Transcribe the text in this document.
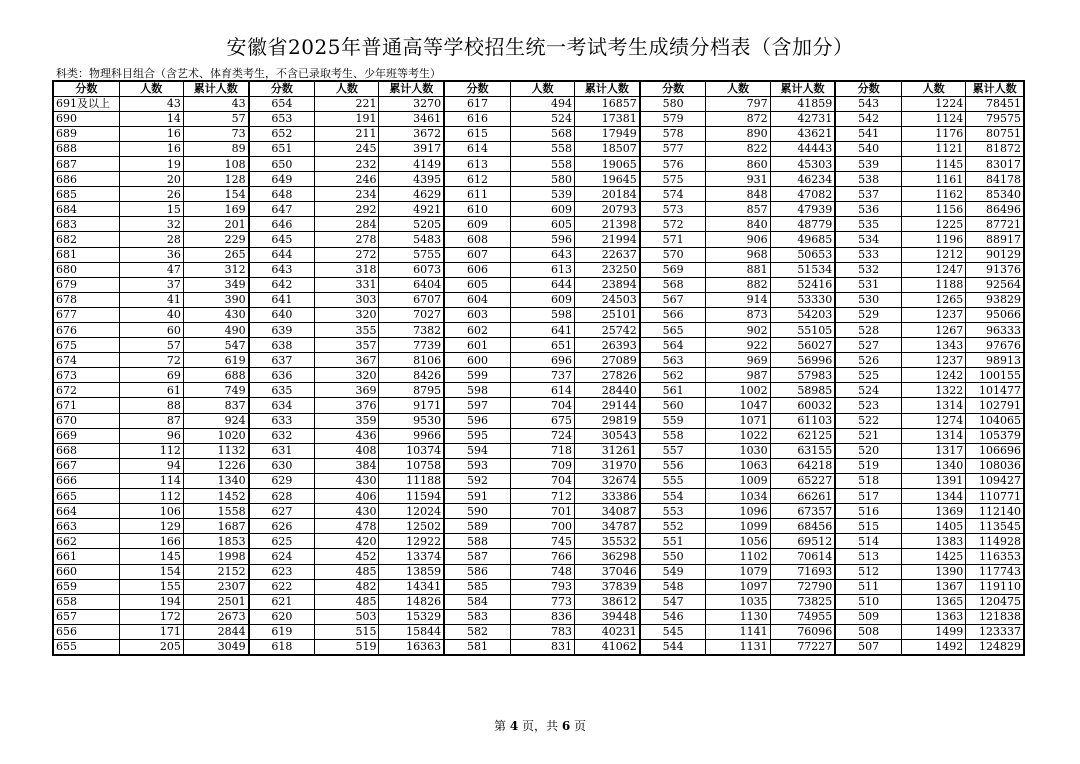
安徽省2025年普通高等学校招生统一考试考生成绩分档表（含加分）
科类：物理科目组合（含艺术、体育类考生，不含已录取考生、少年班等考生）
分数	人数	累计人数	分数	人数	累计人数	分数	人数	累计人数	分数	人数	累计人数	分数	人数	累计人数
691及以上	43	43	654	221	3270	617	494	16857	580	797	41859	543	1224	78451
690	14	57	653	191	3461	616	524	17381	579	872	42731	542	1124	79575
689	16	73	652	211	3672	615	568	17949	578	890	43621	541	1176	80751
688	16	89	651	245	3917	614	558	18507	577	822	44443	540	1121	81872
687	19	108	650	232	4149	613	558	19065	576	860	45303	539	1145	83017
686	20	128	649	246	4395	612	580	19645	575	931	46234	538	1161	84178
685	26	154	648	234	4629	611	539	20184	574	848	47082	537	1162	85340
684	15	169	647	292	4921	610	609	20793	573	857	47939	536	1156	86496
683	32	201	646	284	5205	609	605	21398	572	840	48779	535	1225	87721
682	28	229	645	278	5483	608	596	21994	571	906	49685	534	1196	88917
681	36	265	644	272	5755	607	643	22637	570	968	50653	533	1212	90129
680	47	312	643	318	6073	606	613	23250	569	881	51534	532	1247	91376
679	37	349	642	331	6404	605	644	23894	568	882	52416	531	1188	92564
678	41	390	641	303	6707	604	609	24503	567	914	53330	530	1265	93829
677	40	430	640	320	7027	603	598	25101	566	873	54203	529	1237	95066
676	60	490	639	355	7382	602	641	25742	565	902	55105	528	1267	96333
675	57	547	638	357	7739	601	651	26393	564	922	56027	527	1343	97676
674	72	619	637	367	8106	600	696	27089	563	969	56996	526	1237	98913
673	69	688	636	320	8426	599	737	27826	562	987	57983	525	1242	100155
672	61	749	635	369	8795	598	614	28440	561	1002	58985	524	1322	101477
671	88	837	634	376	9171	597	704	29144	560	1047	60032	523	1314	102791
670	87	924	633	359	9530	596	675	29819	559	1071	61103	522	1274	104065
669	96	1020	632	436	9966	595	724	30543	558	1022	62125	521	1314	105379
668	112	1132	631	408	10374	594	718	31261	557	1030	63155	520	1317	106696
667	94	1226	630	384	10758	593	709	31970	556	1063	64218	519	1340	108036
666	114	1340	629	430	11188	592	704	32674	555	1009	65227	518	1391	109427
665	112	1452	628	406	11594	591	712	33386	554	1034	66261	517	1344	110771
664	106	1558	627	430	12024	590	701	34087	553	1096	67357	516	1369	112140
663	129	1687	626	478	12502	589	700	34787	552	1099	68456	515	1405	113545
662	166	1853	625	420	12922	588	745	35532	551	1056	69512	514	1383	114928
661	145	1998	624	452	13374	587	766	36298	550	1102	70614	513	1425	116353
660	154	2152	623	485	13859	586	748	37046	549	1079	71693	512	1390	117743
659	155	2307	622	482	14341	585	793	37839	548	1097	72790	511	1367	119110
658	194	2501	621	485	14826	584	773	38612	547	1035	73825	510	1365	120475
657	172	2673	620	503	15329	583	836	39448	546	1130	74955	509	1363	121838
656	171	2844	619	515	15844	582	783	40231	545	1141	76096	508	1499	123337
655	205	3049	618	519	16363	581	831	41062	544	1131	77227	507	1492	124829
第 4 页，共 6 页
